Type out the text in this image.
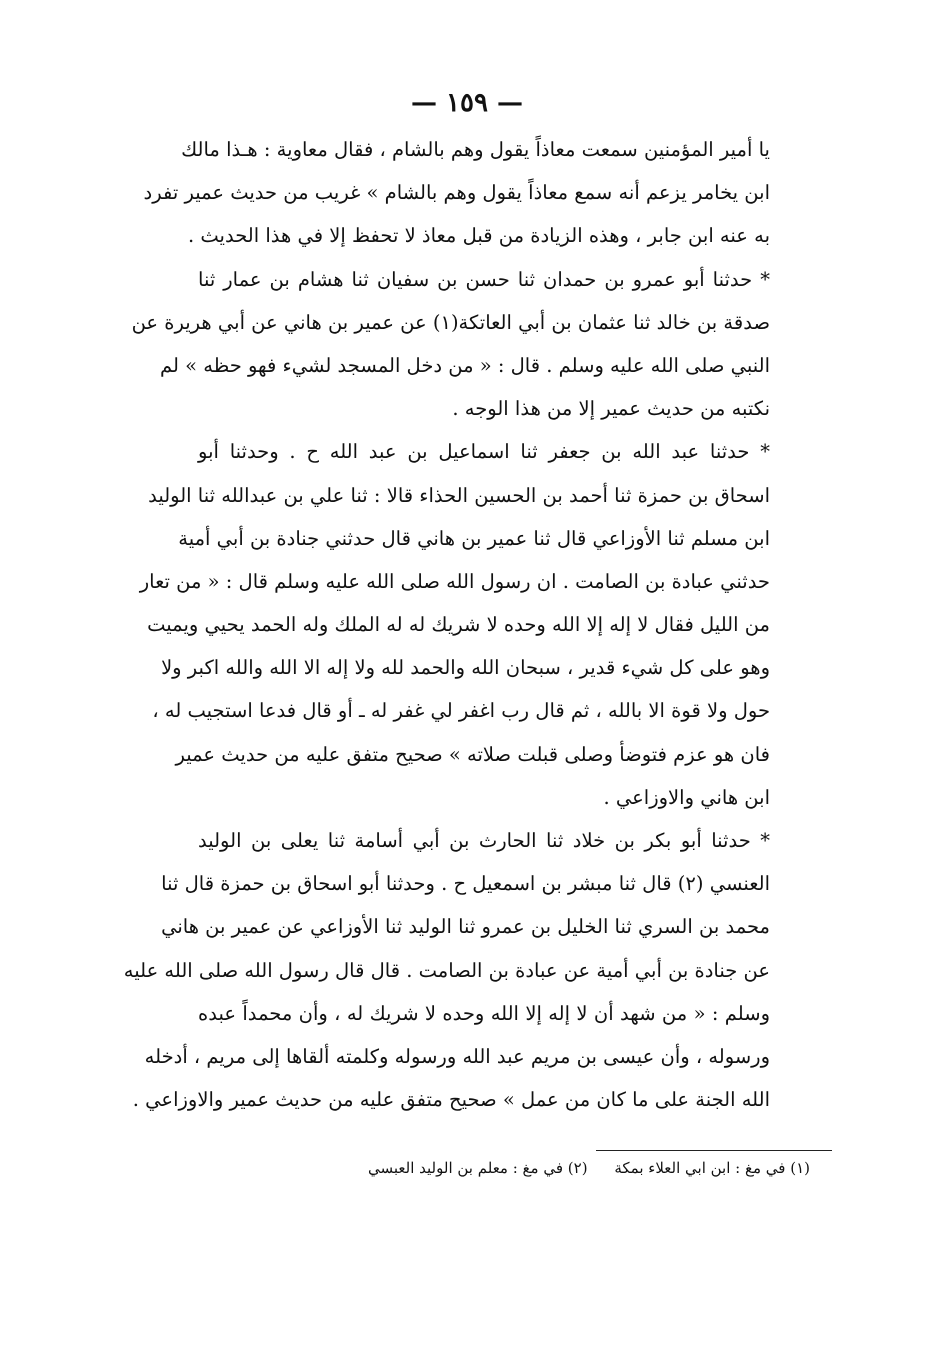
— ١٥٩ —
يا أمير المؤمنين سمعت معاذاً يقول وهم بالشام ، فقال معاوية : هـذا مالك
ابن يخامر يزعم أنه سمع معاذاً يقول وهم بالشام » غريب من حديث عمير تفرد
به عنه ابن جابر ، وهذه الزيادة من قبل معاذ لا تحفظ إلا في هذا الحديث .
* حدثنا أبو عمرو بن حمدان ثنا حسن بن سفيان ثنا هشام بن عمار ثنا
صدقة بن خالد ثنا عثمان بن أبي العاتكة(١) عن عمير بن هاني عن أبي هريرة عن
النبي صلى الله عليه وسلم . قال : « من دخل المسجد لشيء فهو حظه » لم
نكتبه من حديث عمير إلا من هذا الوجه .
* حدثنا عبد الله بن جعفر ثنا اسماعيل بن عبد الله ح . وحدثنا أبو
اسحاق بن حمزة ثنا أحمد بن الحسين الحذاء قالا : ثنا علي بن عبدالله ثنا الوليد
ابن مسلم ثنا الأوزاعي قال ثنا عمير بن هاني قال حدثني جنادة بن أبي أمية
حدثني عبادة بن الصامت . ان رسول الله صلى الله عليه وسلم قال : « من تعار
من الليل فقال لا إله إلا الله وحده لا شريك له له الملك وله الحمد يحيي ويميت
وهو على كل شيء قدير ، سبحان الله والحمد لله ولا إله الا الله والله اكبر ولا
حول ولا قوة الا بالله ، ثم قال رب اغفر لي غفر له ـ أو قال فدعا استجيب له ،
فان هو عزم فتوضأ وصلى قبلت صلاته » صحيح متفق عليه من حديث عمير
ابن هاني والاوزاعي .
* حدثنا أبو بكر بن خلاد ثنا الحارث بن أبي أسامة ثنا يعلى بن الوليد
العنسي (٢) قال ثنا مبشر بن اسمعيل ح . وحدثنا أبو اسحاق بن حمزة قال ثنا
محمد بن السري ثنا الخليل بن عمرو ثنا الوليد ثنا الأوزاعي عن عمير بن هاني
عن جنادة بن أبي أمية عن عبادة بن الصامت . قال قال رسول الله صلى الله عليه
وسلم : « من شهد أن لا إله إلا الله وحده لا شريك له ، وأن محمداً عبده
ورسوله ، وأن عيسى بن مريم عبد الله ورسوله وكلمته ألقاها إلى مريم ، أدخله
الله الجنة على ما كان من عمل » صحيح متفق عليه من حديث عمير والاوزاعي .
(١) في مغ : ابن ابي العلاء بمكة (٢) في مغ : معلم بن الوليد العبسي
